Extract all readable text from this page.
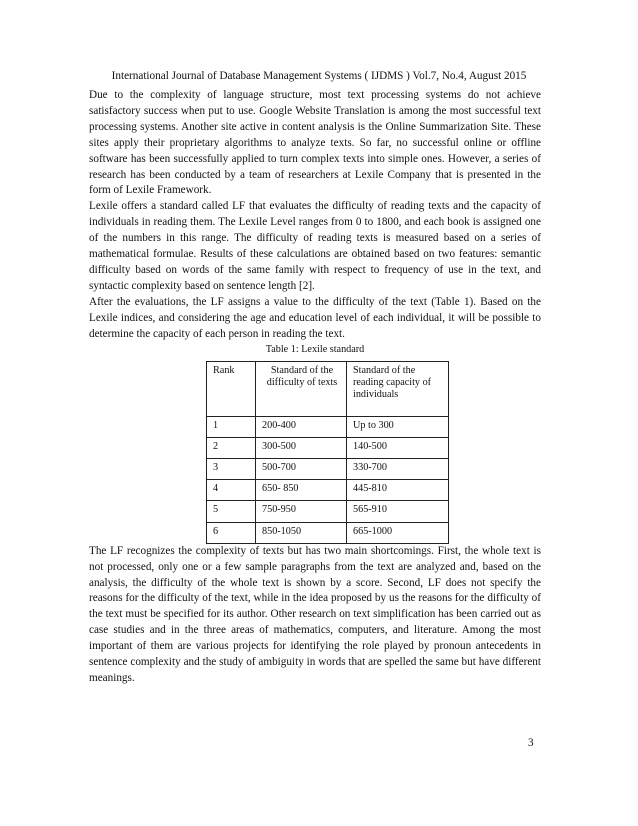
International Journal of Database Management Systems ( IJDMS ) Vol.7, No.4, August 2015

Due to the complexity of language structure, most text processing systems do not achieve satisfactory success when put to use. Google Website Translation is among the most successful text processing systems. Another site active in content analysis is the Online Summarization Site. These sites apply their proprietary algorithms to analyze texts. So far, no successful online or offline software has been successfully applied to turn complex texts into simple ones. However, a series of research has been conducted by a team of researchers at Lexile Company that is presented in the form of Lexile Framework.

Lexile offers a standard called LF that evaluates the difficulty of reading texts and the capacity of individuals in reading them. The Lexile Level ranges from 0 to 1800, and each book is assigned one of the numbers in this range. The difficulty of reading texts is measured based on a series of mathematical formulae. Results of these calculations are obtained based on two features: semantic difficulty based on words of the same family with respect to frequency of use in the text, and syntactic complexity based on sentence length [2].

After the evaluations, the LF assigns a value to the difficulty of the text (Table 1). Based on the Lexile indices, and considering the age and education level of each individual, it will be possible to determine the capacity of each person in reading the text.

Table 1: Lexile standard
Rank	Standard of the difficulty of texts	Standard of the reading capacity of individuals
1	200-400	Up to 300
2	300-500	140-500
3	500-700	330-700
4	650- 850	445-810
5	750-950	565-910
6	850-1050	665-1000

The LF recognizes the complexity of texts but has two main shortcomings. First, the whole text is not processed, only one or a few sample paragraphs from the text are analyzed and, based on the analysis, the difficulty of the whole text is shown by a score. Second, LF does not specify the reasons for the difficulty of the text, while in the idea proposed by us the reasons for the difficulty of the text must be specified for its author. Other research on text simplification has been carried out as case studies and in the three areas of mathematics, computers, and literature. Among the most important of them are various projects for identifying the role played by pronoun antecedents in sentence complexity and the study of ambiguity in words that are spelled the same but have different meanings.

3
